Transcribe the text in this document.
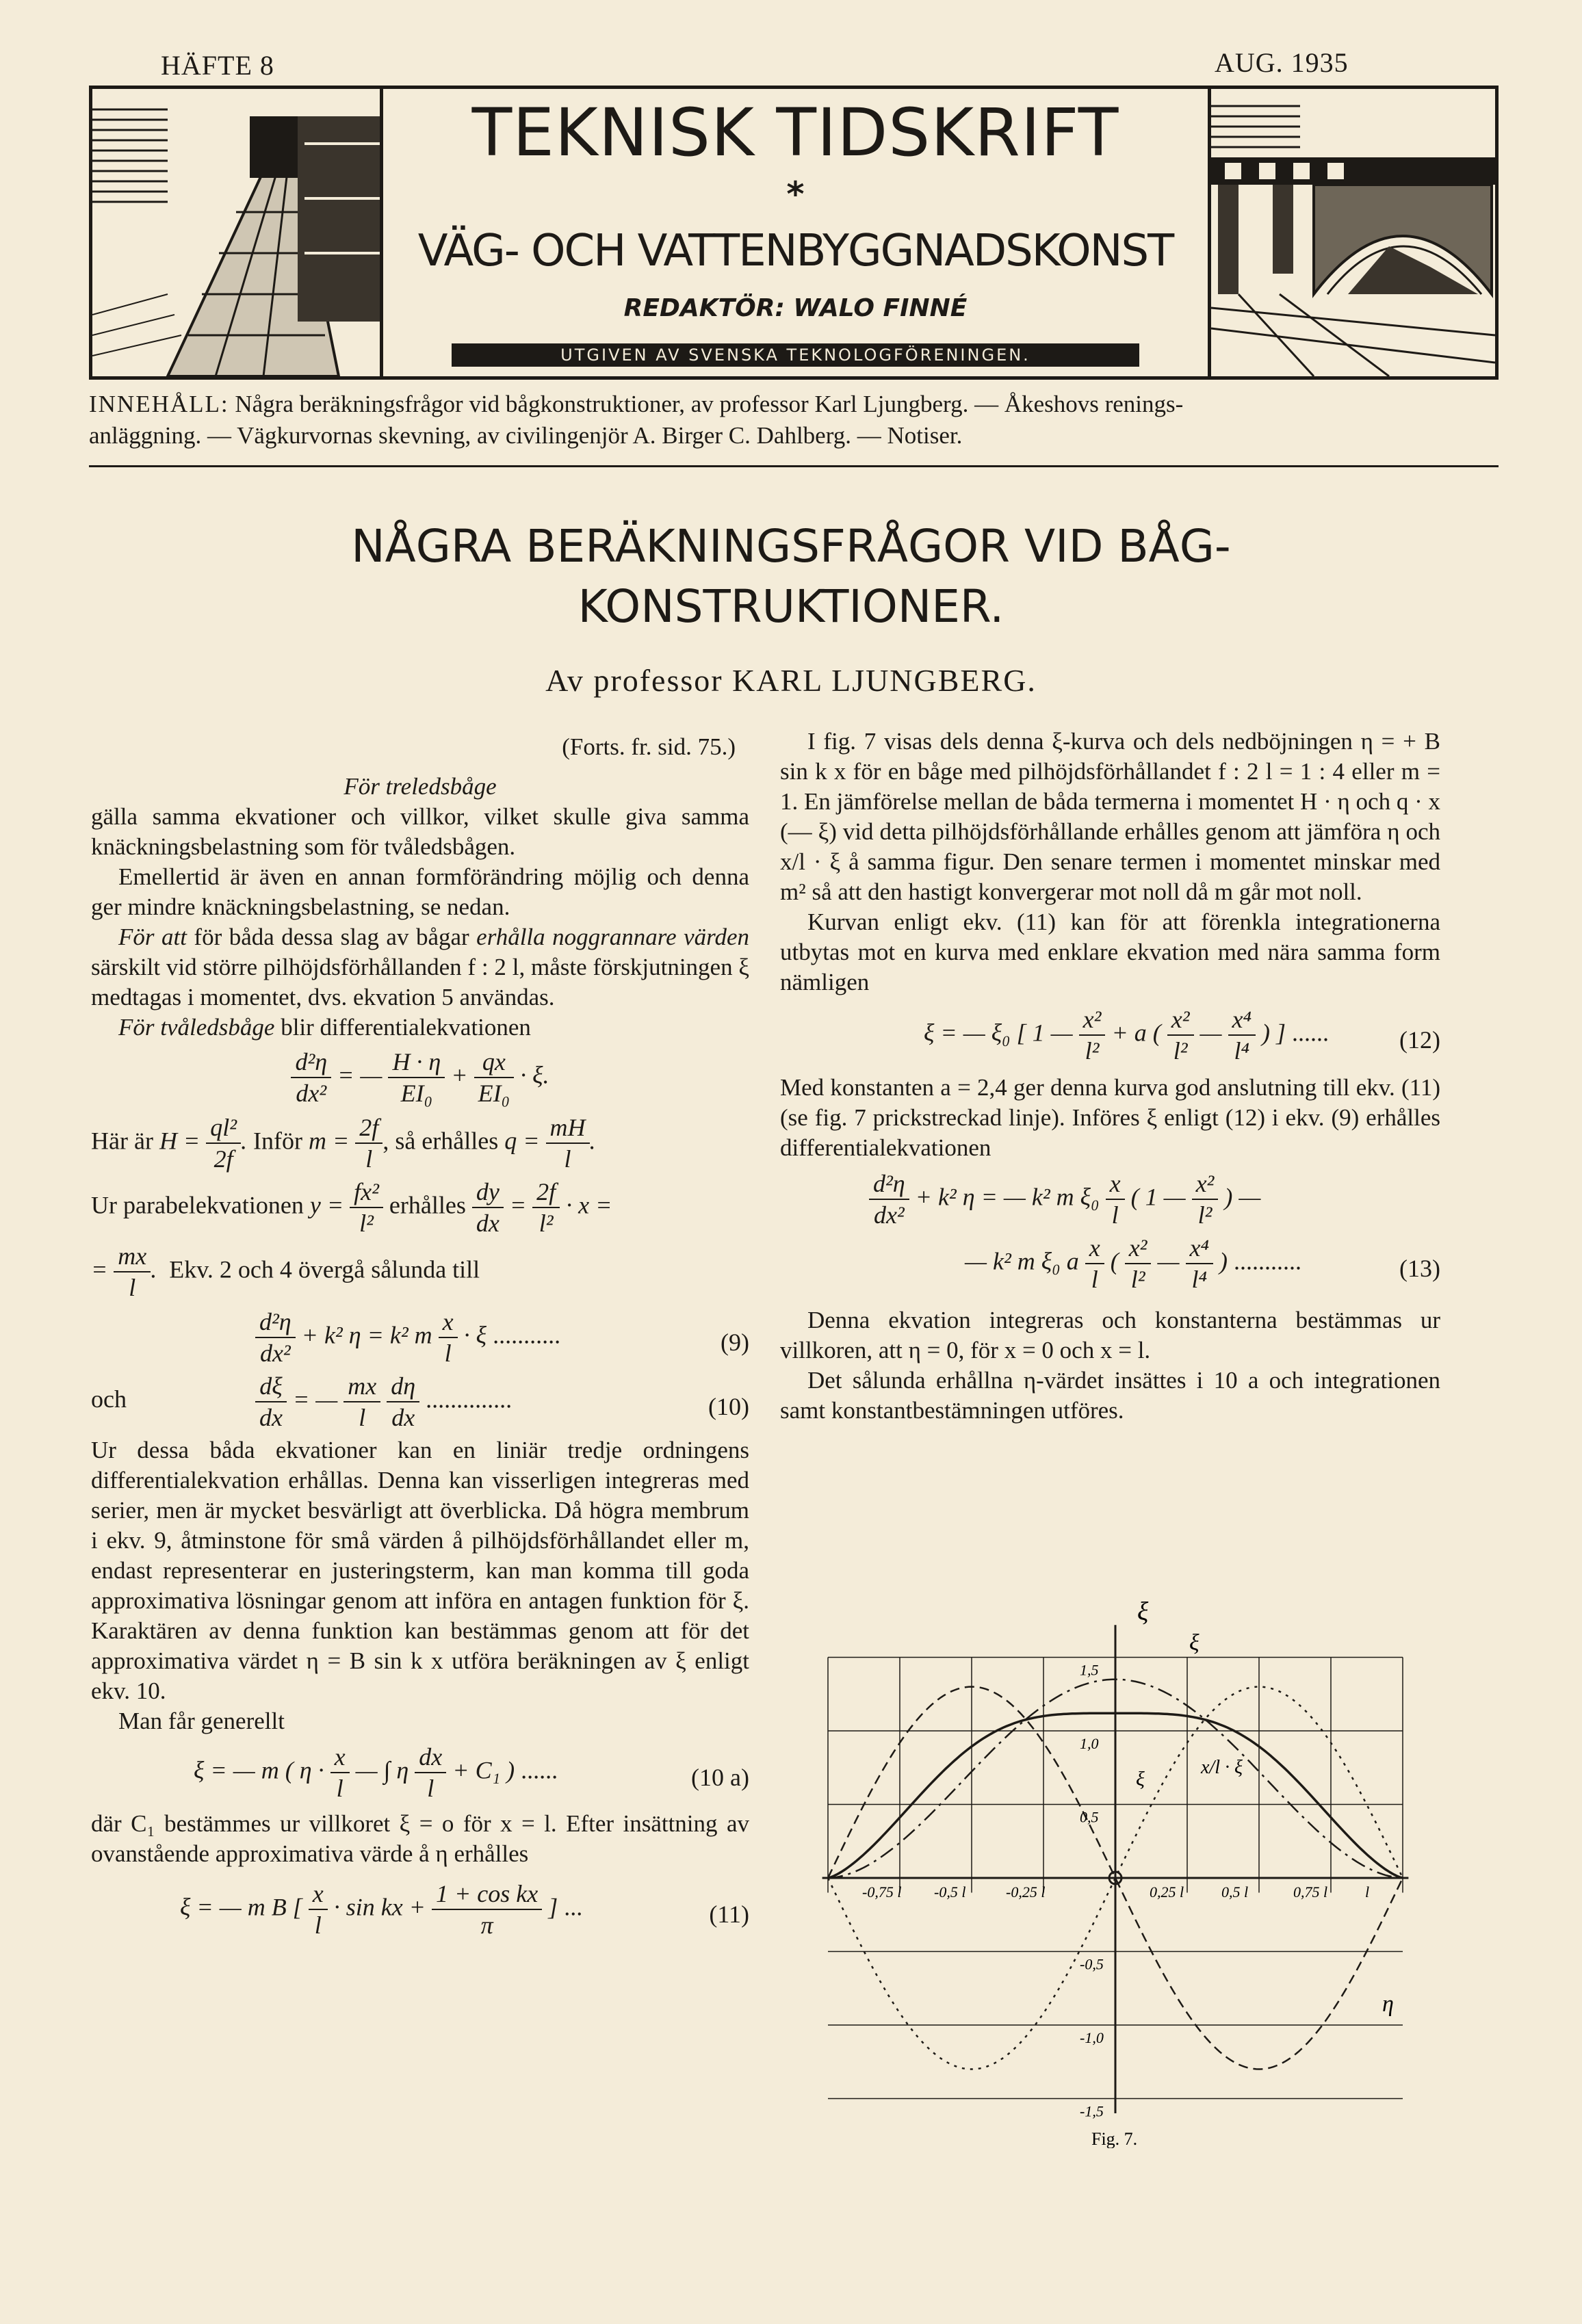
HÄFTE 8	AUG. 1935
TEKNISK TIDSKRIFT
*
VÄG- OCH VATTENBYGGNADSKONST
REDAKTÖR: WALO FINNÉ
UTGIVEN AV SVENSKA TEKNOLOGFÖRENINGEN.
INNEHÅLL: Några beräkningsfrågor vid bågkonstruktioner, av professor Karl Ljungberg. — Åkeshovs renings-
anläggning. — Vägkurvornas skevning, av civilingenjör A. Birger C. Dahlberg. — Notiser.
NÅGRA BERÄKNINGSFRÅGOR VID BÅG-
KONSTRUKTIONER.
Av professor KARL LJUNGBERG.
(Forts. fr. sid. 75.)
För treledsbåge

gälla samma ekvationer och villkor, vilket skulle giva samma knäckningsbelastning som för tvåledsbågen.

Emellertid är även en annan formförändring möjlig och denna ger mindre knäckningsbelastning, se nedan.

För att för båda dessa slag av bågar erhålla noggrannare värden särskilt vid större pilhöjdsförhållanden f : 2 l, måste förskjutningen ξ medtagas i momentet, dvs. ekvation 5 användas.

För tvåledsbåge blir differentialekvationen

$\frac{\text{d²η}}{\text{dx²}}$ = — $\frac{H \cdot \eta}{\text{EI₀}} + \frac{qx}{\text{EI₀}} \cdot \xi$.
Här är $H = \frac{\text{ql²}}{2f}$ . Inför $m = \frac{2f}{l}$ , så erhålles $q = \frac{mH}{l}$ .
Ur parabelekvationen $y = \frac{\text{fx²}}{\text{l²}}$ erhålles $\frac{dy}{dx} = \frac{2f}{\text{l²}} \cdot x$ =
= $\frac{mx}{l}$ .  Ekv. 2 och 4 övergå sålunda till
$\frac{\text{d²η}}{\text{dx²}} + k^2$ η = k² m $\frac{x}{l} \cdot \xi$ ...........	(9)
och	$\frac{d\xi}{dx}$ = — $\frac{mx}{l}$
$\frac{d\eta}{dx}$ ..............	(10)

Ur dessa båda ekvationer kan en liniär tredje ordningens differentialekvation erhållas. Denna kan visserligen integreras med serier, men är mycket besvärligt att överblicka. Då högra membrum i ekv. 9, åtminstone för små värden å pilhöjdsförhållandet eller m, endast representerar en justeringsterm, kan man komma till goda approximativa lösningar genom att införa en antagen funktion för ξ. Karaktären av denna funktion kan bestämmas genom att för det approximativa värdet η = B sin k x utföra beräkningen av ξ enligt ekv. 10.

Man får generellt

ξ = — m ( $\eta \cdot \frac{x}{l}$ — ∫ η $\frac{dx}{l} + C_1$ ) ......	(10 a)

där C₁ bestämmes ur villkoret ξ = o för x = l. Efter insättning av ovanstående approximativa värde å η erhålles

ξ = — m B [ $\frac{x}{l} \cdot \sin$ kx + $\frac{\text{1 + cos kx}}{\pi}$ ] ...	(11)

I fig. 7 visas dels denna ξ-kurva och dels nedböjningen η = + B sin k x för en båge med pilhöjdsförhållandet f : 2 l = 1 : 4 eller m = 1. En jämförelse mellan de båda termerna i momentet H · η och q · x (— ξ) vid detta pilhöjdsförhållande erhålles genom att jämföra η och x/l · ξ å samma figur. Den senare termen i momentet minskar med m² så att den hastigt konvergerar mot noll då m går mot noll.

Kurvan enligt ekv. (11) kan för att förenkla integrationerna utbytas mot en kurva med enklare ekvation med nära samma form nämligen

ξ = — ξ₀ [ 1 — $\frac{\text{x²}}{\text{l²}} + a$ ( $\frac{\text{x²}}{\text{l²}}$ — $\frac{\text{x⁴}}{\text{l⁴}}$ ) ] ......	(12)

Med konstanten a = 2,4 ger denna kurva god anslutning till ekv. (11) (se fig. 7 prickstreckad linje). Införes ξ enligt (12) i ekv. (9) erhålles differentialekvationen

$\frac{\text{d²η}}{\text{dx²}} + k^2$ η = — k² m $\xi_0 \frac{x}{l}$ ( 1 — $\frac{\text{x²}}{\text{l²}}$ ) —
— k² m ξ₀ a $\frac{x}{l}$ ( $\frac{\text{x²}}{\text{l²}}$ — $\frac{\text{x⁴}}{\text{l⁴}}$ ) ...........	(13)

Denna ekvation integreras och konstanterna bestämmas ur villkoren, att η = 0, för x = 0 och x = l.

Det sålunda erhållna η-värdet insättes i 10 a och integrationen samt konstantbestämningen utföres.

1,5
1,0
0,5
-0,5
-1,0
-1,5
-0,75 l -0,5 l	-0,25 l	0,25 l 0,5 l	0,75 l l
ξ
ξ
x/l · ξ
ξ
η
Fig. 7.
